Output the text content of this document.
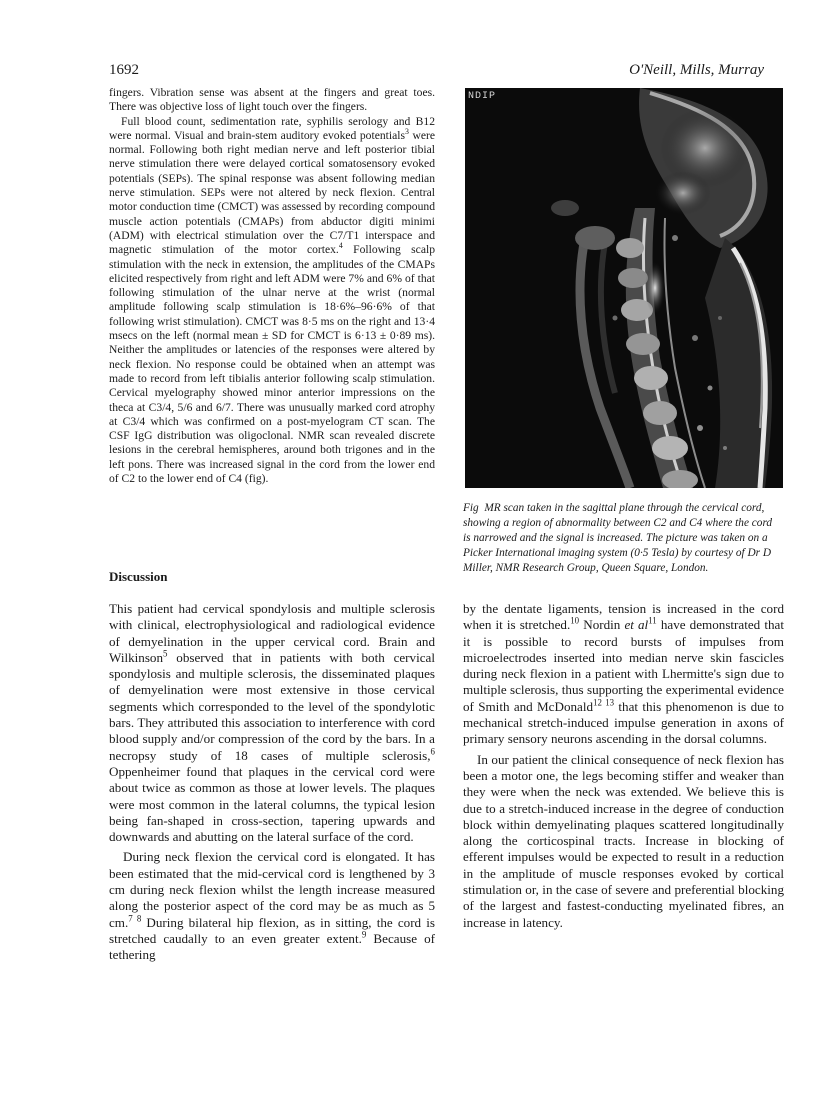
1692	O'Neill, Mills, Murray

fingers. Vibration sense was absent at the fingers and great toes. There was objective loss of light touch over the fingers.

Full blood count, sedimentation rate, syphilis serology and B12 were normal. Visual and brain-stem auditory evoked potentials$^3$ were normal. Following both right median nerve and left posterior tibial nerve stimulation there were delayed cortical somatosensory evoked potentials (SEPs). The spinal response was absent following median nerve stimulation. SEPs were not altered by neck flexion. Central motor conduction time (CMCT) was assessed by recording compound muscle action potentials (CMAPs) from abductor digiti minimi (ADM) with electrical stimulation over the C7/T1 interspace and magnetic stimulation of the motor cortex.$^4$ Following scalp stimulation with the neck in extension, the amplitudes of the CMAPs elicited respectively from right and left ADM were 7% and 6% of that following stimulation of the ulnar nerve at the wrist (normal amplitude following scalp stimulation is 18·6%–96·6% of that following wrist stimulation). CMCT was 8·5 ms on the right and 13·4 msecs on the left (normal mean ± SD for CMCT is 6·13 ± 0·89 ms). Neither the amplitudes or latencies of the responses were altered by neck flexion. No response could be obtained when an attempt was made to record from left tibialis anterior following scalp stimulation. Cervical myelography showed minor anterior impressions on the theca at C3/4, 5/6 and 6/7. There was unusually marked cord atrophy at C3/4 which was confirmed on a post-myelogram CT scan. The CSF IgG distribution was oligoclonal. NMR scan revealed discrete lesions in the cerebral hemispheres, around both trigones and in the left pons. There was increased signal in the cord from the lower end of C2 to the lower end of C4 (fig).

NDIP
Fig MR scan taken in the sagittal plane through the cervical cord, showing a region of abnormality between C2 and C4 where the cord is narrowed and the signal is increased. The picture was taken on a Picker International imaging system (0·5 Tesla) by courtesy of Dr D Miller, NMR Research Group, Queen Square, London.
Discussion

This patient had cervical spondylosis and multiple sclerosis with clinical, electrophysiological and radiological evidence of demyelination in the upper cervical cord. Brain and Wilkinson$^5$ observed that in patients with both cervical spondylosis and multiple sclerosis, the disseminated plaques of demyelination were most extensive in those cervical segments which corresponded to the level of the spondylotic bars. They attributed this association to interference with cord blood supply and/or compression of the cord by the bars. In a necropsy study of 18 cases of multiple sclerosis,$^6$ Oppenheimer found that plaques in the cervical cord were about twice as common as those at lower levels. The plaques were most common in the lateral columns, the typical lesion being fan-shaped in cross-section, tapering upwards and downwards and abutting on the lateral surface of the cord.

During neck flexion the cervical cord is elongated. It has been estimated that the mid-cervical cord is lengthened by 3 cm during neck flexion whilst the length increase measured along the posterior aspect of the cord may be as much as 5 cm.$^{7 8}$ During bilateral hip flexion, as in sitting, the cord is stretched caudally to an even greater extent.$^9$ Because of tethering

by the dentate ligaments, tension is increased in the cord when it is stretched.$^{10}$ Nordin et $al^{11}$ have demonstrated that it is possible to record bursts of impulses from microelectrodes inserted into median nerve skin fascicles during neck flexion in a patient with Lhermitte's sign due to multiple sclerosis, thus supporting the experimental evidence of Smith and McDonald$^{12 13}$ that this phenomenon is due to mechanical stretch-induced impulse generation in axons of primary sensory neurons ascending in the dorsal columns.

In our patient the clinical consequence of neck flexion has been a motor one, the legs becoming stiffer and weaker than they were when the neck was extended. We believe this is due to a stretch-induced increase in the degree of conduction block within demyelinating plaques scattered longitudinally along the corticospinal tracts. Increase in blocking of efferent impulses would be expected to result in a reduction in the amplitude of muscle responses evoked by cortical stimulation or, in the case of severe and preferential blocking of the largest and fastest-conducting myelinated fibres, an increase in latency.
